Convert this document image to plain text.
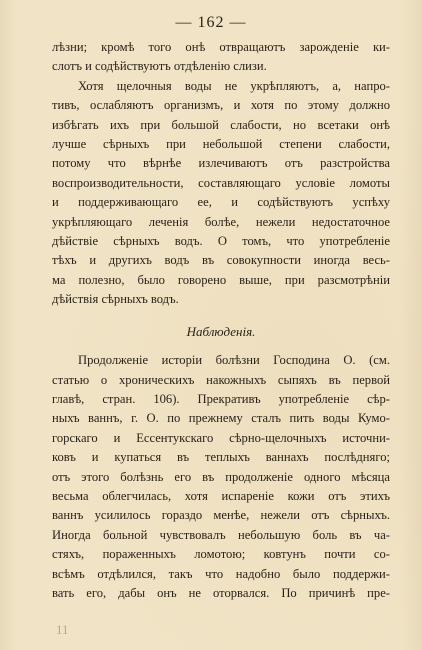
— 162 —
лѣзни; кромѣ того онѣ отвращаютъ зарожденіе ки-
слотъ и содѣйствуютъ отдѣленію слизи.
Хотя щелочныя воды не укрѣпляютъ, а, напро-
тивъ, ослабляютъ организмъ, и хотя по этому должно
избѣгать ихъ при большой слабости, но всетаки онѣ
лучше сѣрныхъ при небольшой степени слабости,
потому что вѣрнѣе излечиваютъ отъ разстройства
воспроизводительности, составляющаго условіе ломоты
и поддерживающаго ее, и содѣйствуютъ успѣху
укрѣпляющаго леченія болѣе, нежели недостаточное
дѣйствіе сѣрныхъ водъ. О томъ, что употребленіе
тѣхъ и другихъ водъ въ совокупности иногда весь-
ма полезно, было говорено выше, при разсмотрѣніи
дѣйствія сѣрныхъ водъ.
Наблюденія.
Продолженіе исторіи болѣзни Господина О. (см.
статью о хроническихъ накожныхъ сыпяхъ въ первой
главѣ, стран. 106). Прекративъ употребленіе сѣр-
ныхъ ваннъ, г. О. по прежнему сталъ пить воды Кумо-
горскаго и Ессентукскаго сѣрно-щелочныхъ источни-
ковъ и купаться въ теплыхъ ваннахъ послѣдняго;
отъ этого болѣзнь его въ продолженіе одного мѣсяца
весьма облегчилась, хотя испареніе кожи отъ этихъ
ваннъ усилилось гораздо менѣе, нежели отъ сѣрныхъ.
Иногда больной чувствовалъ небольшую боль въ ча-
стяхъ, пораженныхъ ломотою; ковтунъ почти со-
всѣмъ отдѣлился, такъ что надобно было поддержи-
вать его, дабы онъ не оторвался. По причинѣ пре-
11
